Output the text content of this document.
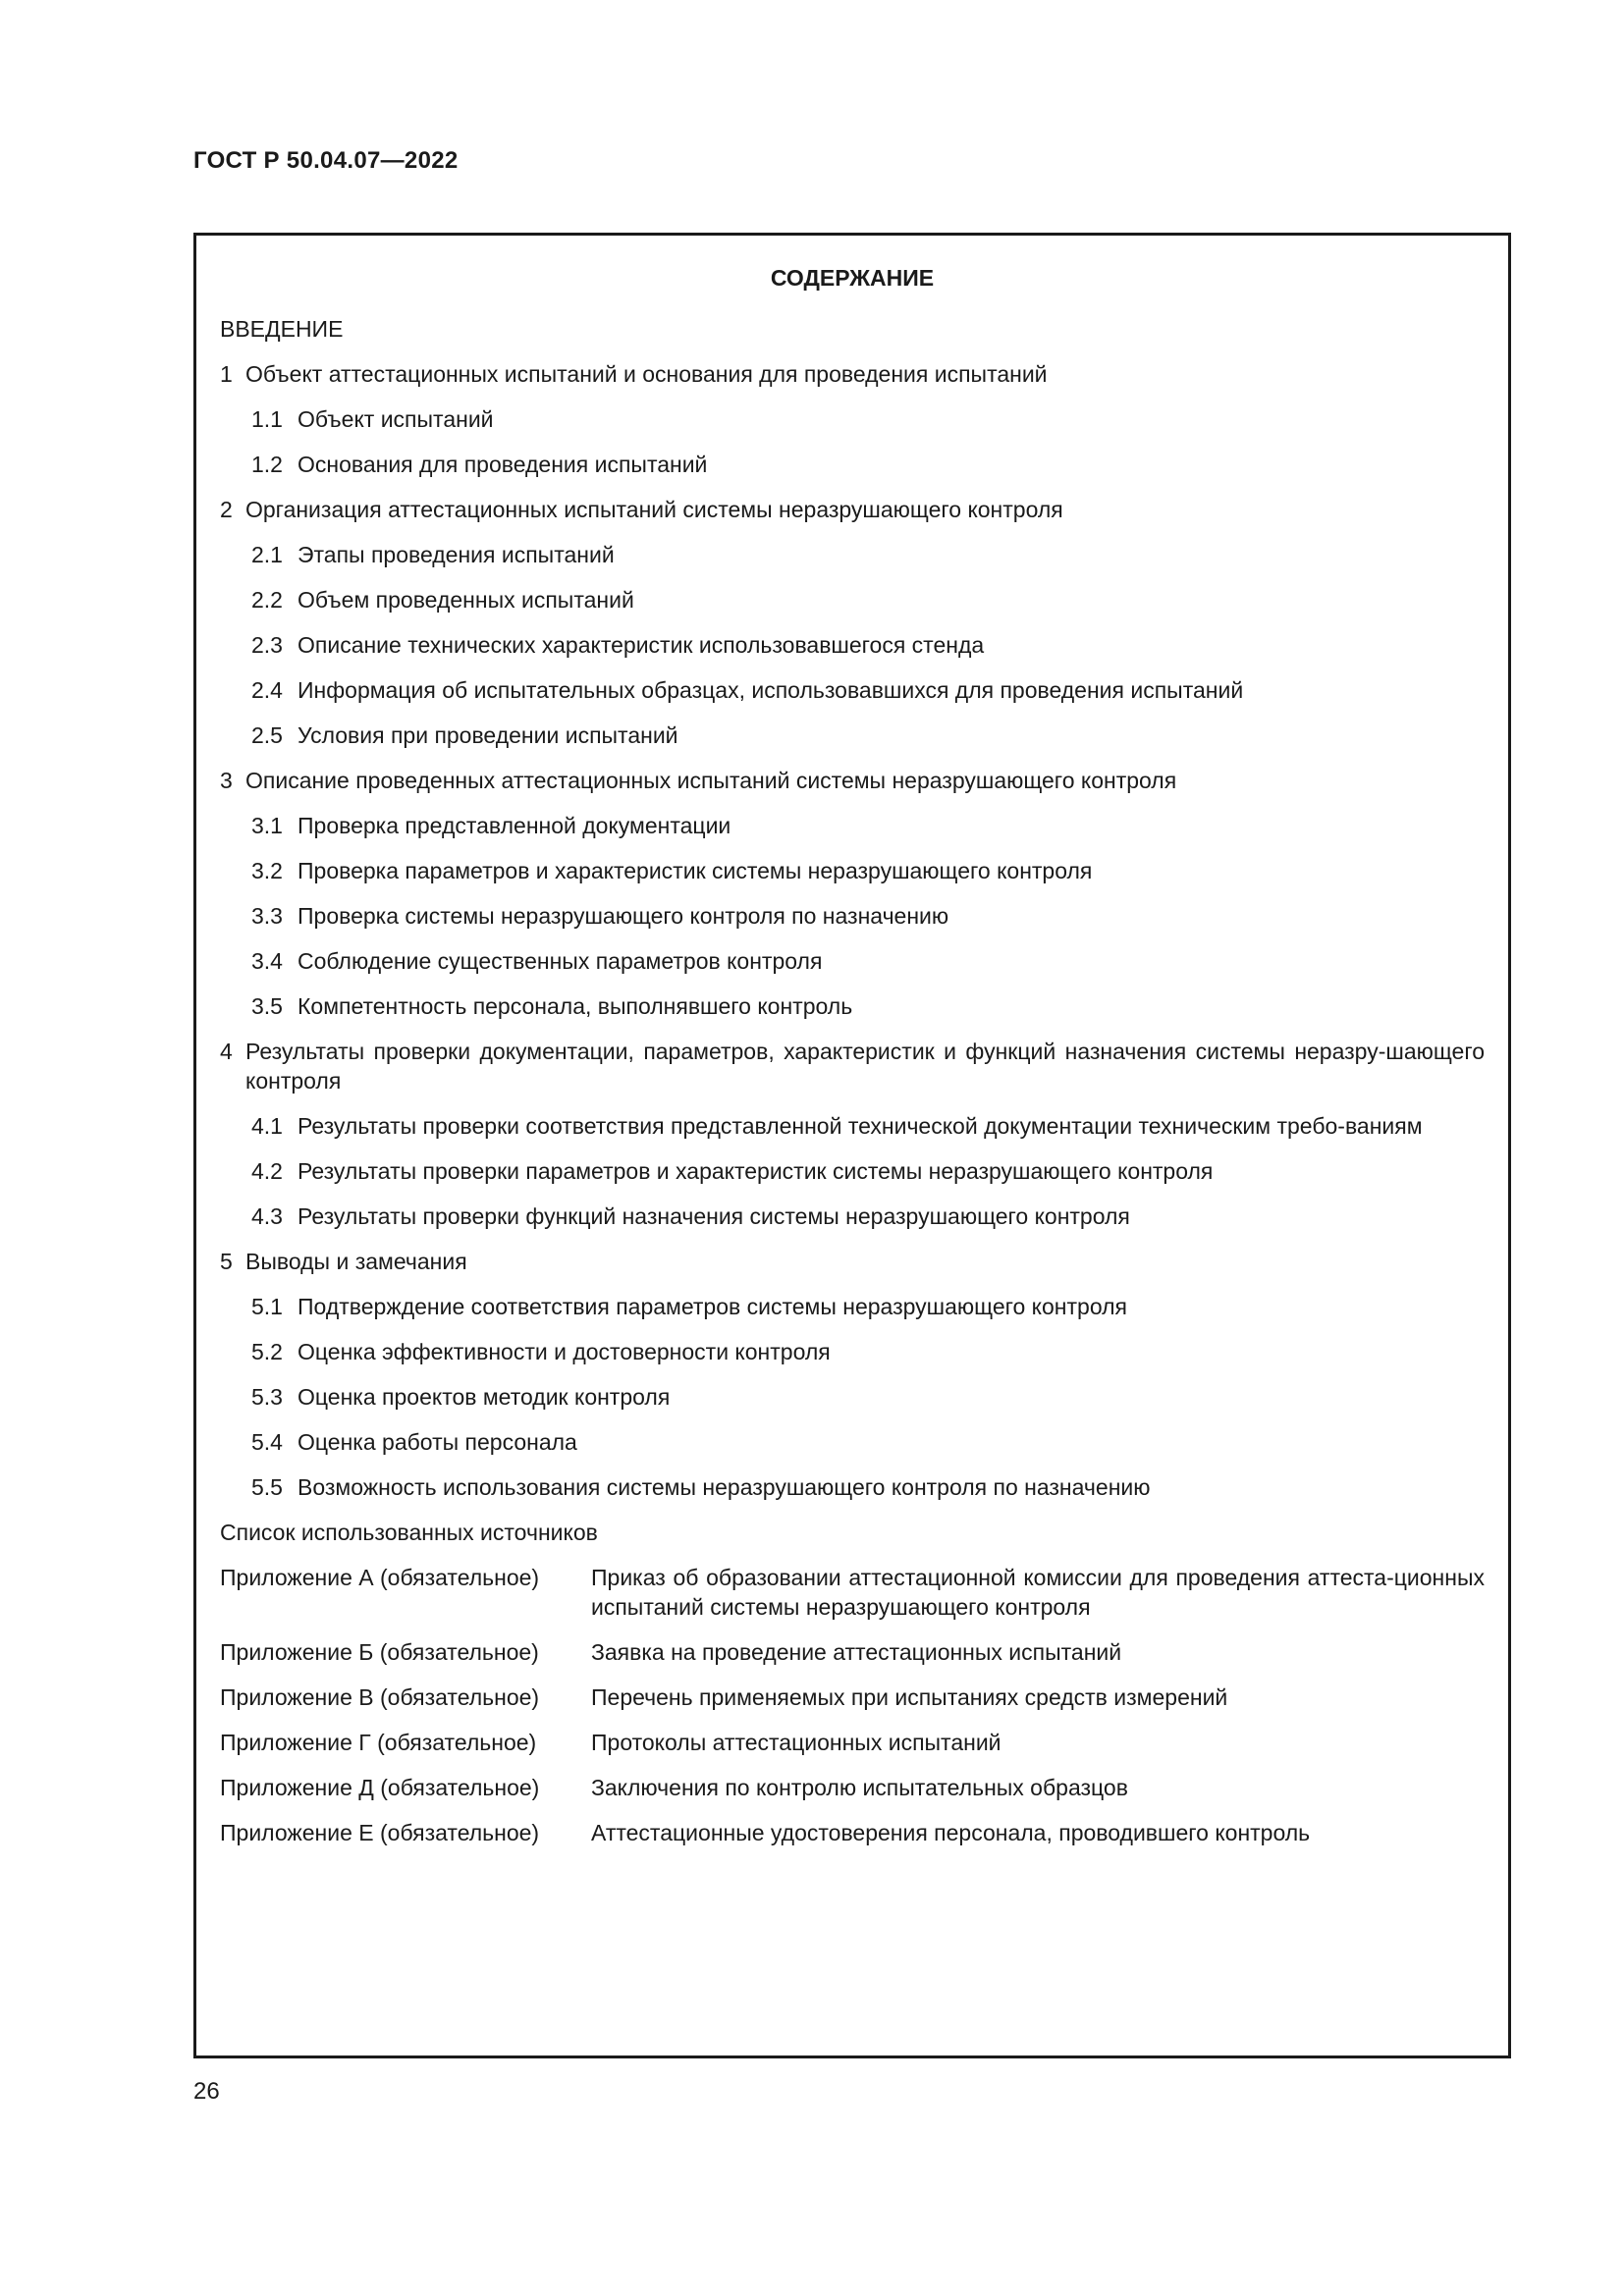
ГОСТ Р 50.04.07—2022
СОДЕРЖАНИЕ
ВВЕДЕНИЕ
1 Объект аттестационных испытаний и основания для проведения испытаний
1.1 Объект испытаний
1.2 Основания для проведения испытаний
2 Организация аттестационных испытаний системы неразрушающего контроля
2.1 Этапы проведения испытаний
2.2 Объем проведенных испытаний
2.3 Описание технических характеристик использовавшегося стенда
2.4 Информация об испытательных образцах, использовавшихся для проведения испытаний
2.5 Условия при проведении испытаний
3 Описание проведенных аттестационных испытаний системы неразрушающего контроля
3.1 Проверка представленной документации
3.2 Проверка параметров и характеристик системы неразрушающего контроля
3.3 Проверка системы неразрушающего контроля по назначению
3.4 Соблюдение существенных параметров контроля
3.5 Компетентность персонала, выполнявшего контроль
4 Результаты проверки документации, параметров, характеристик и функций назначения системы неразру-​шающего контроля
4.1 Результаты проверки соответствия представленной технической документации техническим требо-​ваниям
4.2 Результаты проверки параметров и характеристик системы неразрушающего контроля
4.3 Результаты проверки функций назначения системы неразрушающего контроля
5 Выводы и замечания
5.1 Подтверждение соответствия параметров системы неразрушающего контроля
5.2 Оценка эффективности и достоверности контроля
5.3 Оценка проектов методик контроля
5.4 Оценка работы персонала
5.5 Возможность использования системы неразрушающего контроля по назначению
Список использованных источников
Приложение А (обязательное)	Приказ об образовании аттестационной комиссии для проведения аттеста-​ционных испытаний системы неразрушающего контроля
Приложение Б (обязательное)	Заявка на проведение аттестационных испытаний
Приложение В (обязательное)	Перечень применяемых при испытаниях средств измерений
Приложение Г (обязательное)	Протоколы аттестационных испытаний
Приложение Д (обязательное)	Заключения по контролю испытательных образцов
Приложение Е (обязательное)	Аттестационные удостоверения персонала, проводившего контроль
26
